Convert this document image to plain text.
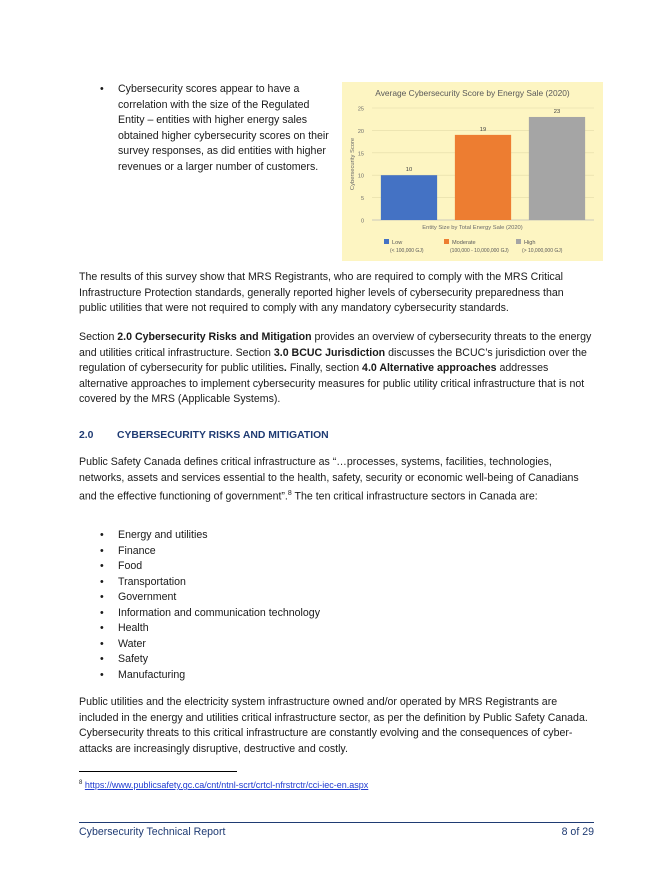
• Cybersecurity scores appear to have a correlation with the size of the Regulated Entity – entities with higher energy sales obtained higher cybersecurity scores on their survey responses, as did entities with higher revenues or a larger number of customers.
Average Cybersecurity Score by Energy Sale (2020)
0
5
10
15
20
25
Cybersecurity Score	10
19
23
Entity Size by Total Energy Sale (2020)
Low
(< 100,000 GJ)
Moderate
(100,000 - 10,000,000 GJ)
High
(> 10,000,000 GJ)
The results of this survey show that MRS Registrants, who are required to comply with the MRS Critical Infrastructure Protection standards, generally reported higher levels of cybersecurity preparedness than public utilities that were not required to comply with any mandatory cybersecurity standards.
Section 2.0 Cybersecurity Risks and Mitigation provides an overview of cybersecurity threats to the energy and utilities critical infrastructure. Section 3.0 BCUC Jurisdiction discusses the BCUC’s jurisdiction over the regulation of cybersecurity for public utilities. Finally, section 4.0 Alternative approaches addresses alternative approaches to implement cybersecurity measures for public utility critical infrastructure that is not covered by the MRS (Applicable Systems).
2.0 CYBERSECURITY RISKS AND MITIGATION
Public Safety Canada defines critical infrastructure as “…processes, systems, facilities, technologies, networks, assets and services essential to the health, safety, security or economic well-being of Canadians and the effective functioning of government”.$^8$ The ten critical infrastructure sectors in Canada are:
• Energy and utilities
• Finance
• Food
• Transportation
• Government
• Information and communication technology
• Health
• Water
• Safety
• Manufacturing
Public utilities and the electricity system infrastructure owned and/or operated by MRS Registrants are included in the energy and utilities critical infrastructure sector, as per the definition by Public Safety Canada. Cybersecurity threats to this critical infrastructure are constantly evolving and the consequences of cyber-attacks are increasingly disruptive, destructive and costly.
$^8$ https://www.publicsafety.gc.ca/cnt/ntnl-scrt/crtcl-nfrstrctr/cci-iec-en.aspx
Cybersecurity Technical Report	8 of 29
